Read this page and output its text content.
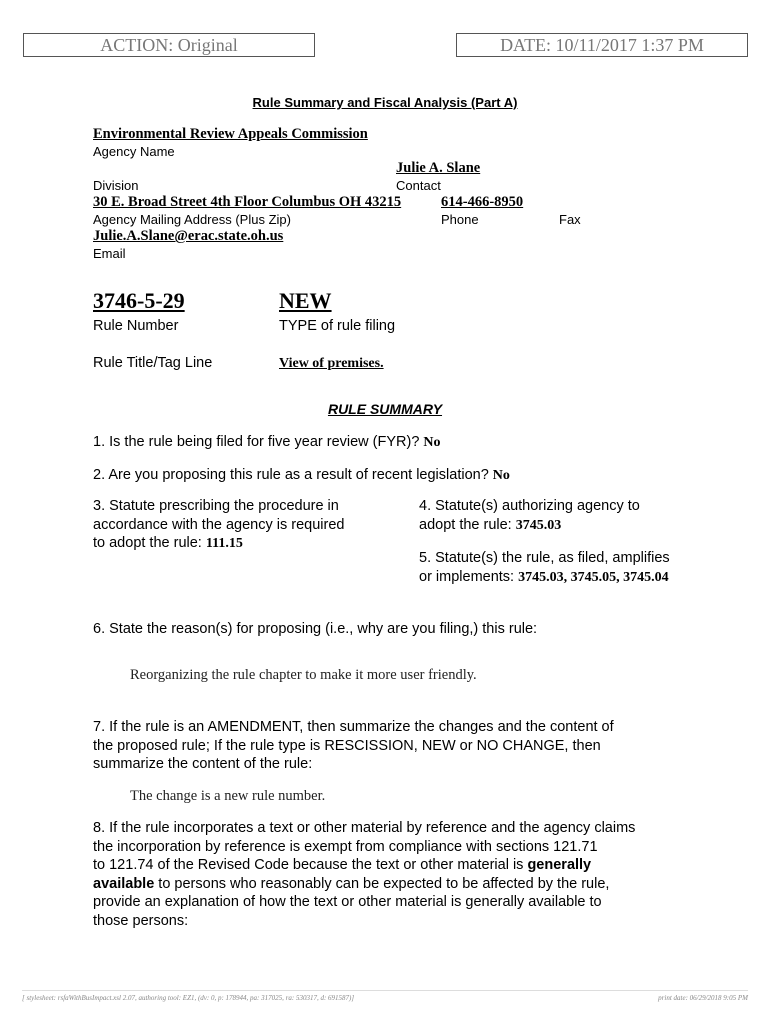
ACTION: Original	DATE: 10/11/2017 1:37 PM
Rule Summary and Fiscal Analysis (Part A)
Environmental Review Appeals Commission
Agency Name
Julie A. Slane
Division	Contact
30 E. Broad Street 4th Floor Columbus OH 43215	614-466-8950
Agency Mailing Address (Plus Zip)	Phone	Fax
Julie.A.Slane@erac.state.oh.us
Email
3746-5-29	NEW
Rule Number	TYPE of rule filing
Rule Title/Tag Line	View of premises.
RULE SUMMARY
1. Is the rule being filed for five year review (FYR)? No
2. Are you proposing this rule as a result of recent legislation? No
3. Statute prescribing the procedure in
accordance with the agency is required
to adopt the rule: 111.15
4. Statute(s) authorizing agency to
adopt the rule: 3745.03
5. Statute(s) the rule, as filed, amplifies
or implements: 3745.03, 3745.05, 3745.04
6. State the reason(s) for proposing (i.e., why are you filing,) this rule:
Reorganizing the rule chapter to make it more user friendly.
7. If the rule is an AMENDMENT, then summarize the changes and the content of
the proposed rule; If the rule type is RESCISSION, NEW or NO CHANGE, then
summarize the content of the rule:
The change is a new rule number.
8. If the rule incorporates a text or other material by reference and the agency claims
the incorporation by reference is exempt from compliance with sections 121.71
to 121.74 of the Revised Code because the text or other material is generally
available to persons who reasonably can be expected to be affected by the rule,
provide an explanation of how the text or other material is generally available to
those persons:
[ stylesheet: rsfaWithBusImpact.xsl 2.07, authoring tool: EZ1, (dv: 0, p: 178944, pa: 317025, ra: 530317, d: 691587)]	print date: 06/29/2018 9:05 PM
